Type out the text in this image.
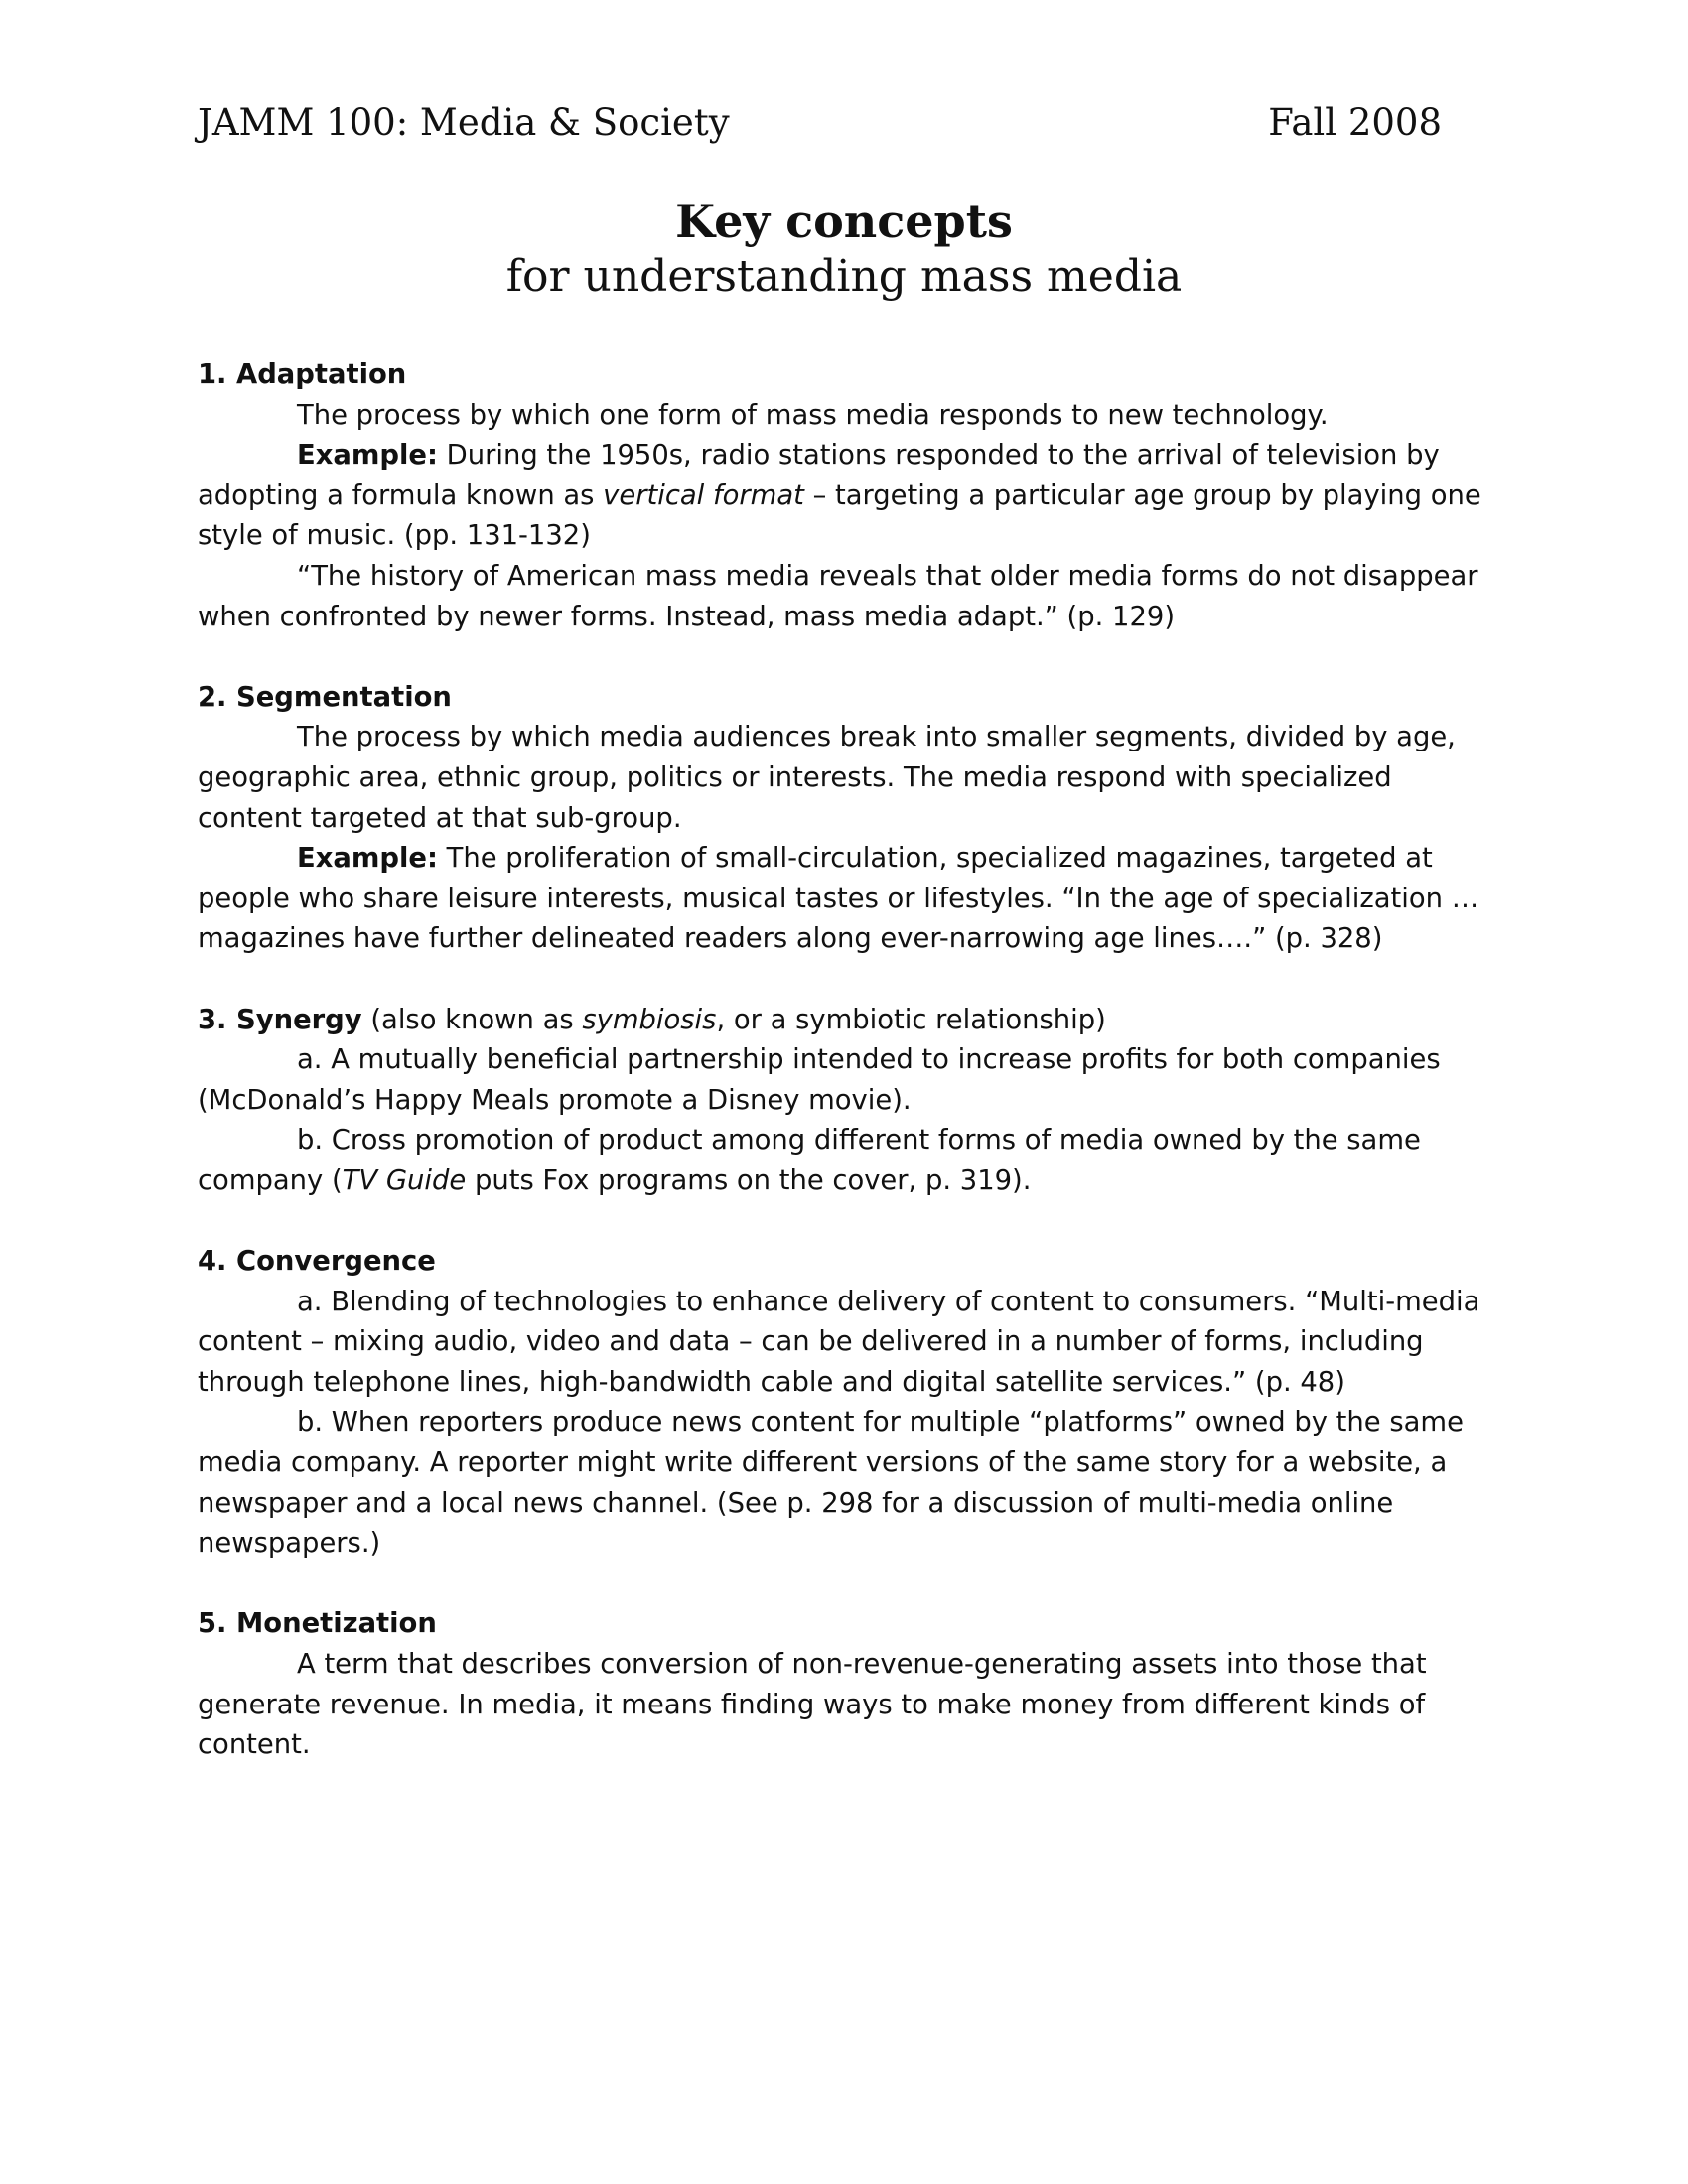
JAMM 100: Media & Society	Fall 2008
Key concepts
for understanding mass media
1. Adaptation

The process by which one form of mass media responds to new technology.

Example: During the 1950s, radio stations responded to the arrival of television by adopting a formula known as vertical format – targeting a particular age group by playing one style of music. (pp. 131-132)

“The history of American mass media reveals that older media forms do not disappear when confronted by newer forms. Instead, mass media adapt.” (p. 129)

2. Segmentation

The process by which media audiences break into smaller segments, divided by age, geographic area, ethnic group, politics or interests. The media respond with specialized content targeted at that sub-group.

Example: The proliferation of small-circulation, specialized magazines, targeted at people who share leisure interests, musical tastes or lifestyles. “In the age of specialization … magazines have further delineated readers along ever-narrowing age lines….” (p. 328)

3. Synergy (also known as symbiosis, or a symbiotic relationship)

a. A mutually beneficial partnership intended to increase profits for both companies (McDonald’s Happy Meals promote a Disney movie).

b. Cross promotion of product among different forms of media owned by the same company (TV Guide puts Fox programs on the cover, p. 319).

4. Convergence

a. Blending of technologies to enhance delivery of content to consumers. “Multi-media content – mixing audio, video and data – can be delivered in a number of forms, including through telephone lines, high-bandwidth cable and digital satellite services.” (p. 48)

b. When reporters produce news content for multiple “platforms” owned by the same media company. A reporter might write different versions of the same story for a website, a newspaper and a local news channel. (See p. 298 for a discussion of multi-media online newspapers.)

5. Monetization

A term that describes conversion of non-revenue-generating assets into those that generate revenue. In media, it means finding ways to make money from different kinds of content.
